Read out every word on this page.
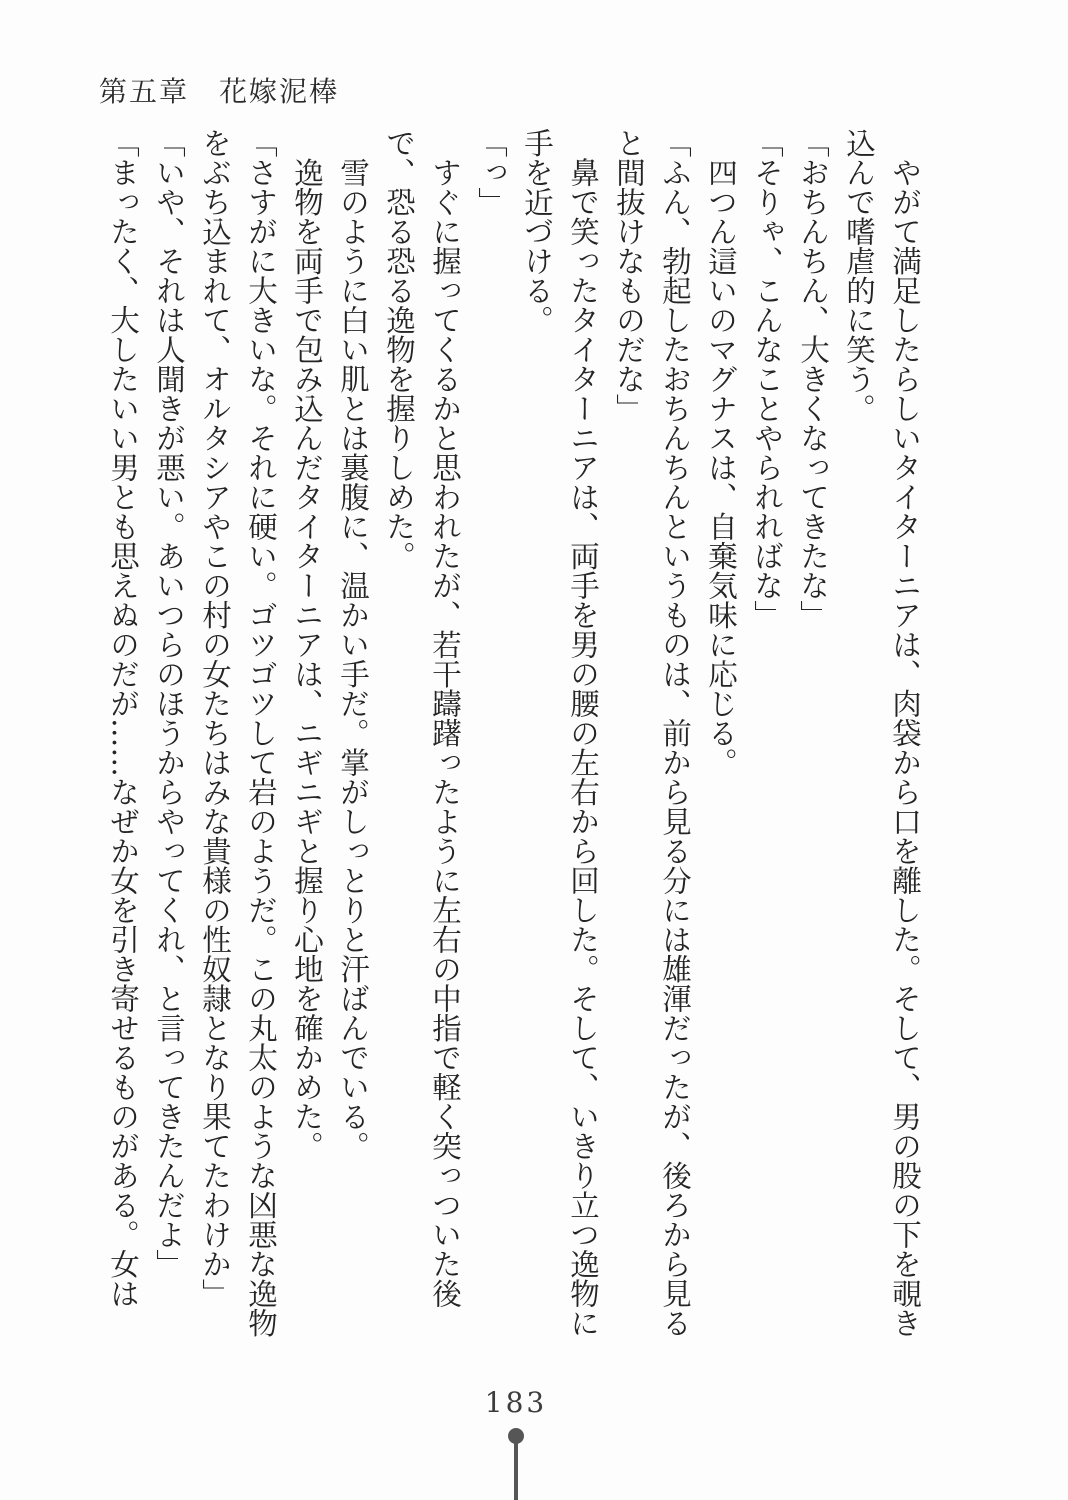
第五章　花嫁泥棒

　やがて満足したらしいタイターニアは、肉袋から口を離した。そして、男の股の下を覗き込んで嗜虐的に笑う。

「おちんちん、大きくなってきたな」

「そりゃ、こんなことやられればな」

　四つん這いのマグナスは、自棄気味に応じる。

「ふん、勃起したおちんちんというものは、前から見る分には雄渾だったが、後ろから見ると間抜けなものだな」

　鼻で笑ったタイターニアは、両手を男の腰の左右から回した。そして、いきり立つ逸物に手を近づける。

「っ」

　すぐに握ってくるかと思われたが、若干躊躇ったように左右の中指で軽く突っついた後で、恐る恐る逸物を握りしめた。

　雪のように白い肌とは裏腹に、温かい手だ。掌がしっとりと汗ばんでいる。

　逸物を両手で包み込んだタイターニアは、ニギニギと握り心地を確かめた。

「さすがに大きいな。それに硬い。ゴツゴツして岩のようだ。この丸太のような凶悪な逸物をぶち込まれて、オルタシアやこの村の女たちはみな貴様の性奴隷となり果てたわけか」

「いや、それは人聞きが悪い。あいつらのほうからやってくれ、と言ってきたんだよ」

「まったく、大したいい男とも思えぬのだが……なぜか女を引き寄せるものがある。女は

183
